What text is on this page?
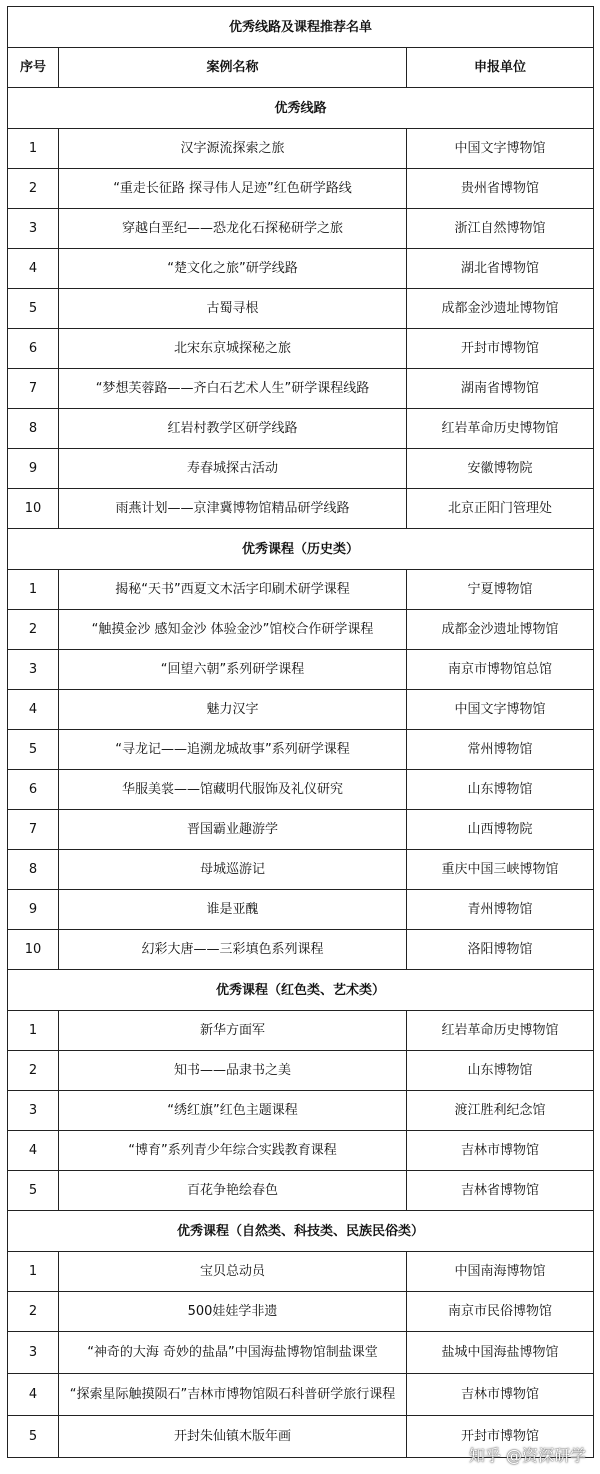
优秀线路及课程推荐名单		
序号	案例名称	申报单位
优秀线路		
1	汉字源流探索之旅	中国文字博物馆
2	“重走长征路 探寻伟人足迹”红色研学路线	贵州省博物馆
3	穿越白垩纪——恐龙化石探秘研学之旅	浙江自然博物馆
4	“楚文化之旅”研学线路	湖北省博物馆
5	古蜀寻根	成都金沙遗址博物馆
6	北宋东京城探秘之旅	开封市博物馆
7	“梦想芙蓉路——齐白石艺术人生”研学课程线路	湖南省博物馆
8	红岩村教学区研学线路	红岩革命历史博物馆
9	寿春城探古活动	安徽博物院
10	雨燕计划——京津冀博物馆精品研学线路	北京正阳门管理处
优秀课程（历史类）		
1	揭秘“天书”西夏文木活字印刷术研学课程	宁夏博物馆
2	“触摸金沙 感知金沙 体验金沙”馆校合作研学课程	成都金沙遗址博物馆
3	“回望六朝”系列研学课程	南京市博物馆总馆
4	魅力汉字	中国文字博物馆
5	“寻龙记——追溯龙城故事”系列研学课程	常州博物馆
6	华服美裳——馆藏明代服饰及礼仪研究	山东博物馆
7	晋国霸业趣游学	山西博物院
8	母城巡游记	重庆中国三峡博物馆
9	谁是亚醜	青州博物馆
10	幻彩大唐——三彩填色系列课程	洛阳博物馆
优秀课程（红色类、艺术类）		
1	新华方面军	红岩革命历史博物馆
2	知书——品隶书之美	山东博物馆
3	“绣红旗”红色主题课程	渡江胜利纪念馆
4	“博育”系列青少年综合实践教育课程	吉林市博物馆
5	百花争艳绘春色	吉林省博物馆
优秀课程（自然类、科技类、民族民俗类）		
1	宝贝总动员	中国南海博物馆
2	500娃娃学非遗	南京市民俗博物馆
3	“神奇的大海 奇妙的盐晶”中国海盐博物馆制盐课堂	盐城中国海盐博物馆
4	“探索星际触摸陨石”吉林市博物馆陨石科普研学旅行课程	吉林市博物馆
5	开封朱仙镇木版年画	开封市博物馆
知乎 @资深研学
